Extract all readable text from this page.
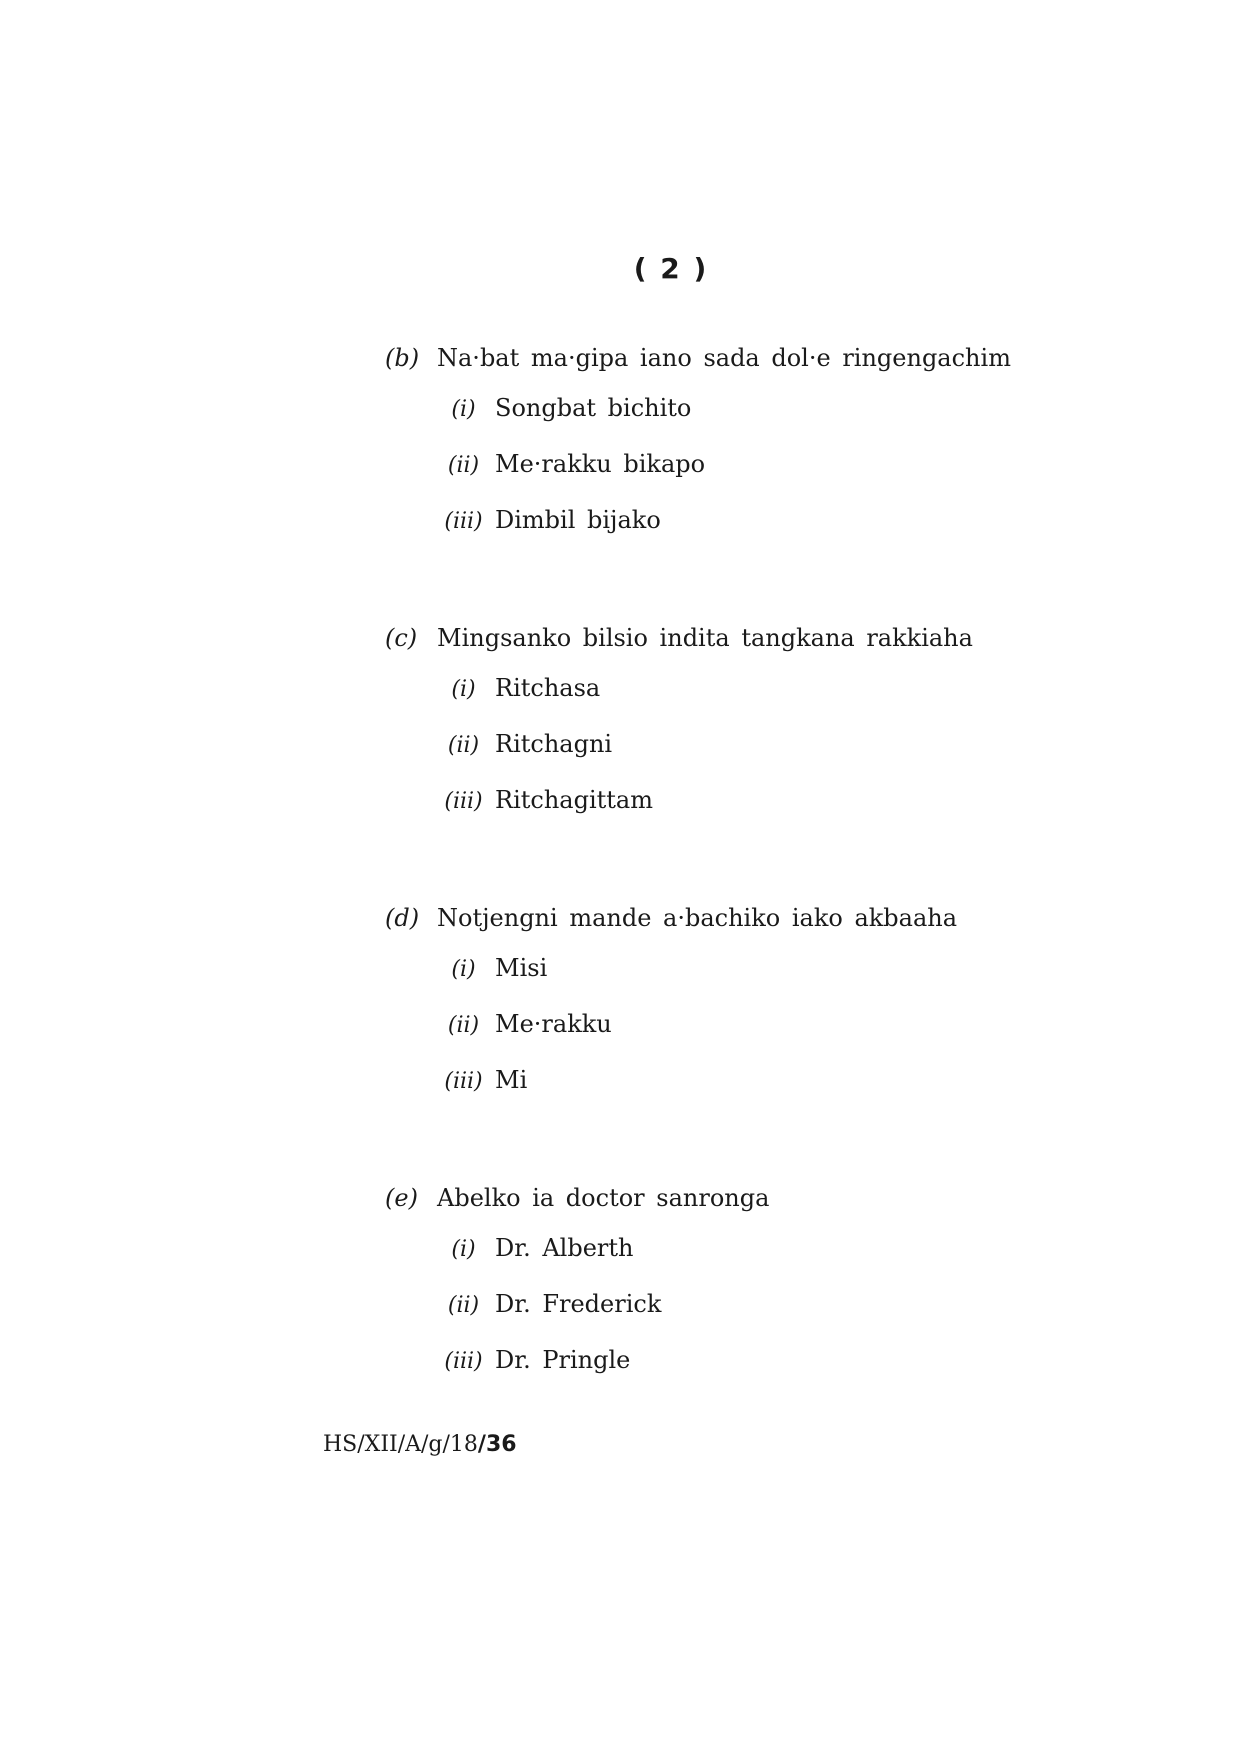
( 2 )
(b) Na·bat ma·gipa iano sada dol·e ringengachim
(i) Songbat bichito
(ii) Me·rakku bikapo
(iii) Dimbil bijako
(c) Mingsanko bilsio indita tangkana rakkiaha
(i) Ritchasa
(ii) Ritchagni
(iii) Ritchagittam
(d) Notjengni mande a·bachiko iako akbaaha
(i) Misi
(ii) Me·rakku
(iii) Mi
(e) Abelko ia doctor sanronga
(i) Dr. Alberth
(ii) Dr. Frederick
(iii) Dr. Pringle
HS/XII/A/g/18/36
